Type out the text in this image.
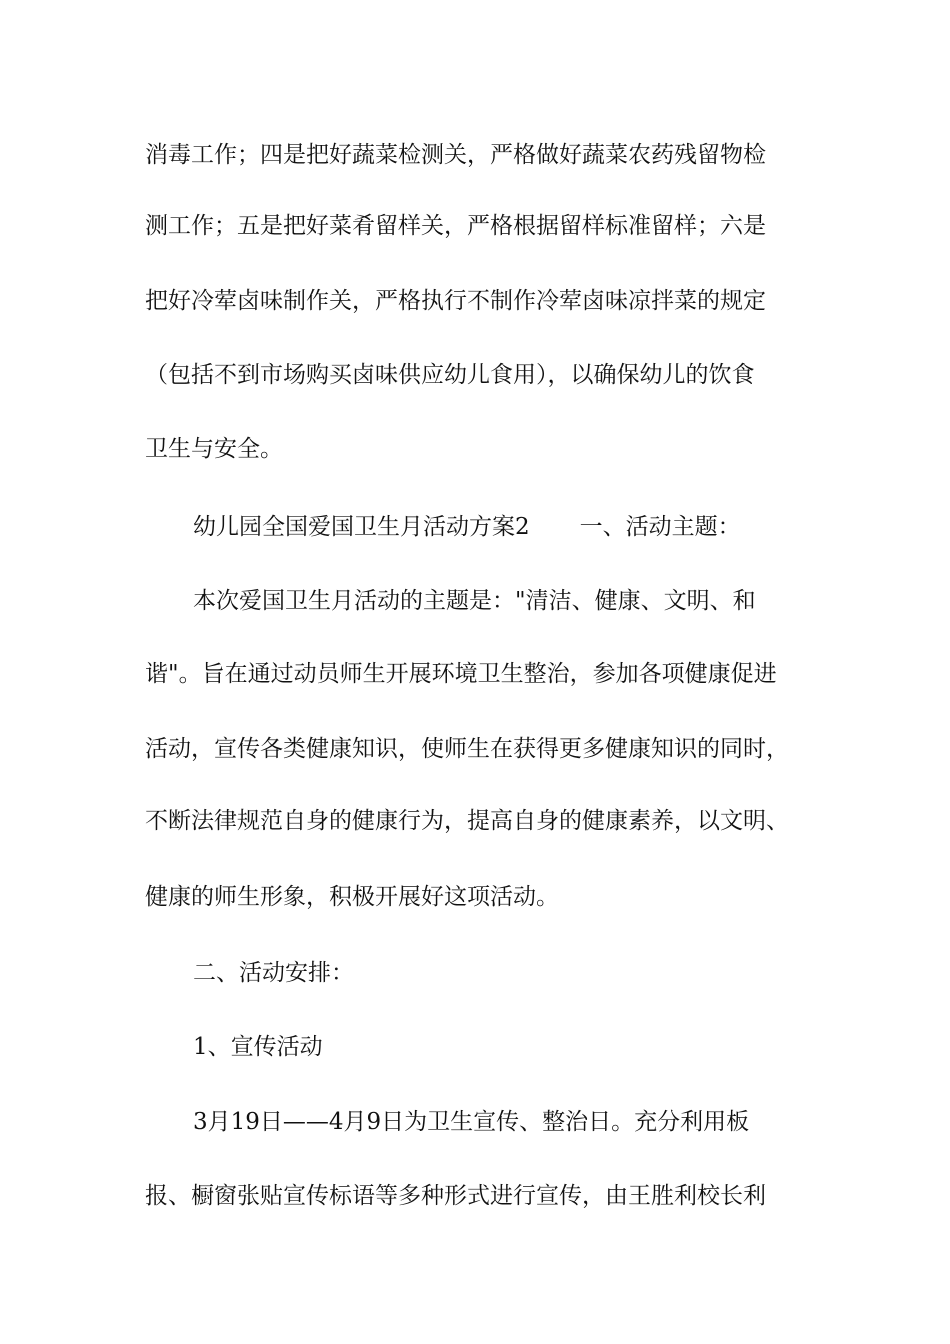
消毒工作；四是把好蔬菜检测关，严格做好蔬菜农药残留物检
测工作；五是把好菜肴留样关，严格根据留样标准留样；六是
把好冷荤卤味制作关，严格执行不制作冷荤卤味凉拌菜的规定
（包括不到市场购买卤味供应幼儿食用），以确保幼儿的饮食
卫生与安全。
幼儿园全国爱国卫生月活动方案2 一、活动主题：
本次爱国卫生月活动的主题是："清洁、健康、文明、和
谐"。旨在通过动员师生开展环境卫生整治，参加各项健康促进
活动，宣传各类健康知识，使师生在获得更多健康知识的同时，
不断法律规范自身的健康行为，提高自身的健康素养，以文明、
健康的师生形象，积极开展好这项活动。
二、活动安排：
1、宣传活动
3月19日——4月9日为卫生宣传、整治日。充分利用板
报、橱窗张贴宣传标语等多种形式进行宣传，由王胜利校长利
